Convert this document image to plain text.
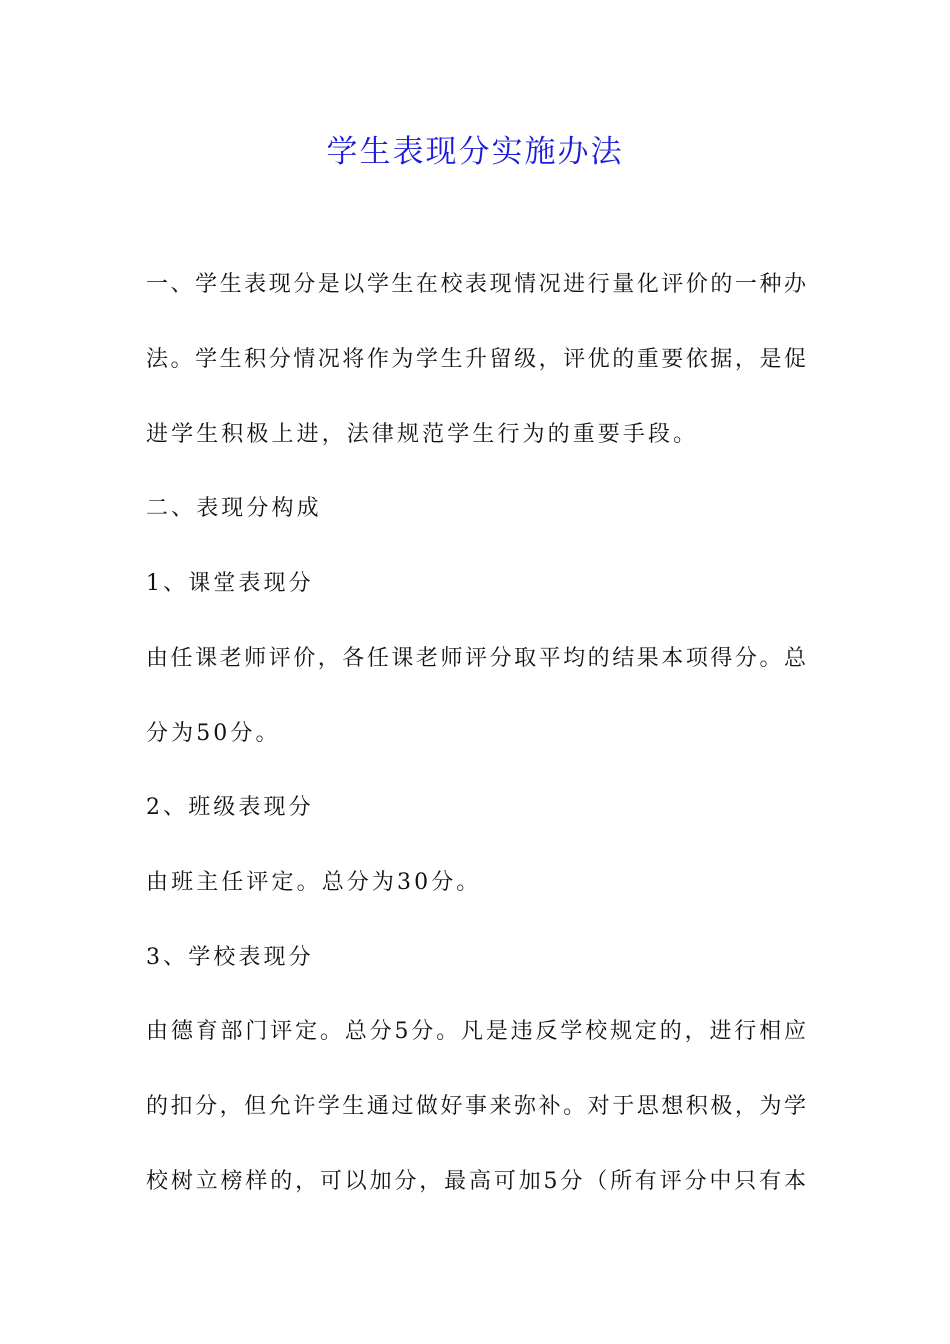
学生表现分实施办法

一、学生表现分是以学生在校表现情况进行量化评价的一种办

法。学生积分情况将作为学生升留级，评优的重要依据，是促

进学生积极上进，法律规范学生行为的重要手段。

二、表现分构成

1、课堂表现分

由任课老师评价，各任课老师评分取平均的结果本项得分。总

分为50分。

2、班级表现分

由班主任评定。总分为30分。

3、学校表现分

由德育部门评定。总分5分。凡是违反学校规定的，进行相应

的扣分，但允许学生通过做好事来弥补。对于思想积极，为学

校树立榜样的，可以加分，最高可加5分（所有评分中只有本
